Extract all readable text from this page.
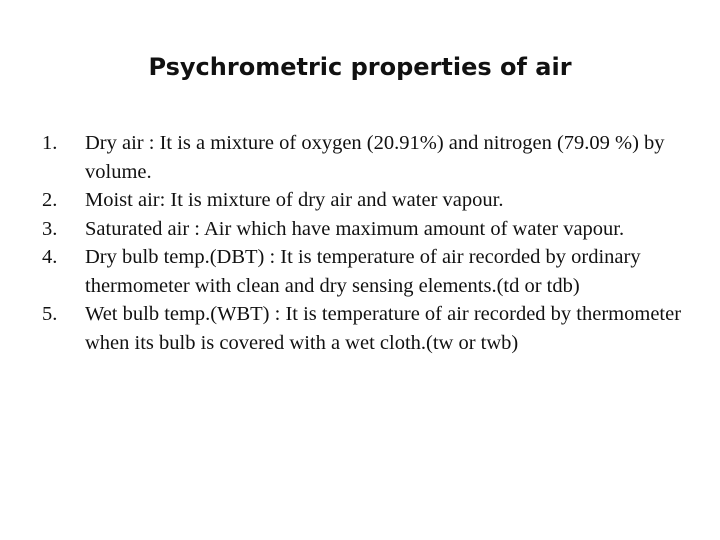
Psychrometric properties of air
1. Dry air : It is a mixture of oxygen (20.91%) and nitrogen (79.09 %) by volume.
2. Moist air: It is mixture of dry air and water vapour.
3. Saturated air : Air which have maximum amount of water vapour.
4. Dry bulb temp.(DBT) : It is temperature of air recorded by ordinary thermometer with clean and dry sensing elements.(td or tdb)
5. Wet bulb temp.(WBT) : It is temperature of air recorded by thermometer when its bulb is covered with a wet cloth.(tw or twb)
